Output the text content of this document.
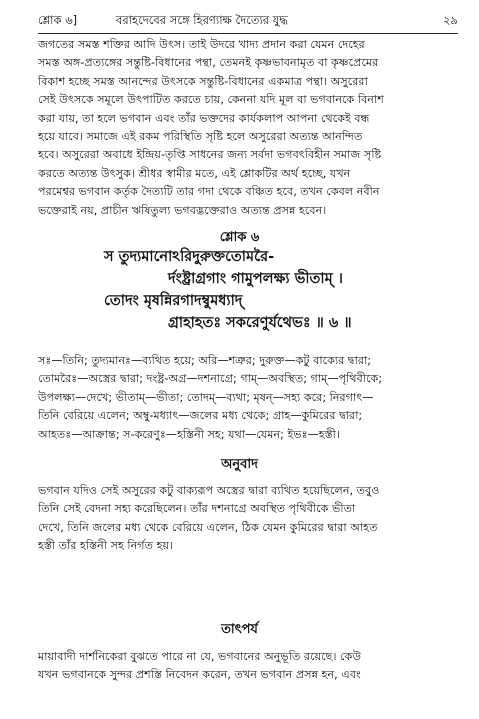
শ্লোক ৬]	বরাহদেবের সঙ্গে হিরণ্যাক্ষ দৈত্যের যুদ্ধ	২৯
জগতের সমস্ত শক্তির আদি উৎস। তাই উদরে খাদ্য প্রদান করা যেমন দেহের
সমস্ত অঙ্গ-প্রত্যঙ্গের সন্তুষ্টি-বিধানের পন্থা, তেমনই কৃষ্ণভাবনামৃত বা কৃষ্ণপ্রেমের
বিকাশ হচ্ছে সমস্ত আনন্দের উৎসকে সন্তুষ্টি-বিধানের একমাত্র পন্থা। অসুরেরা
সেই উৎসকে সমূলে উৎপাটিত করতে চায়, কেননা যদি মূল বা ভগবানকে বিনাশ
করা যায়, তা হলে ভগবান এবং তাঁর ভক্তদের কার্যকলাপ আপনা থেকেই বন্ধ
হয়ে যাবে। সমাজে এই রকম পরিস্থিতি সৃষ্টি হলে অসুরেরা অত্যন্ত আনন্দিত
হবে। অসুরেরা অবাধে ইন্দ্রিয়-তৃপ্তি সাধনের জন্য সর্বদা ভগবৎবিহীন সমাজ সৃষ্টি
করতে অত্যন্ত উৎসুক। শ্রীধর স্বামীর মতে, এই শ্লোকটির অর্থ হচ্ছে, যখন
পরমেশ্বর ভগবান কর্তৃক দৈত্যটি তার গদা থেকে বঞ্চিত হবে, তখন কেবল নবীন
ভক্তেরাই নয়, প্রাচীন ঋষিতুল্য ভগবদ্ভক্তেরাও অত্যন্ত প্রসন্ন হবেন।
শ্লোক ৬
স তুদ্যমানোঽরিদুরুক্ততোমরৈ-
র্দংষ্ট্রাগ্রগাং গামুপলক্ষ্য ভীতাম্ ।
তোদং মৃষন্নিরগাদম্বুমধ্যাদ্
গ্রাহাহতঃ সকরেণুর্যথেভঃ ॥ ৬ ॥
সঃ—তিনি; তুদ্যমানঃ—ব্যথিত হয়ে; অরি—শত্রুর; দুরুক্ত—কটু বাক্যের দ্বারা;
তোমরৈঃ—অস্ত্রের দ্বারা; দংষ্ট্র-অগ্র—দশনাগ্রে; গাম্—অবস্থিত; গাম্—পৃথিবীকে;
উপলক্ষ্য—দেখে; ভীতাম্—ভীতা; তোদম্—ব্যথা; মৃষন্—সহ্য করে; নিরগাৎ—
তিনি বেরিয়ে এলেন; অম্বু-মধ্যাৎ—জলের মধ্য থেকে; গ্রাহ—কুমিরের দ্বারা;
আহতঃ—আক্রান্ত; স-করেণুঃ—হস্তিনী সহ; যথা—যেমন; ইভঃ—হস্তী।
অনুবাদ
ভগবান যদিও সেই অসুরের কটু বাক্যরূপ অস্ত্রের দ্বারা ব্যথিত হয়েছিলেন, তবুও
তিনি সেই বেদনা সহ্য করেছিলেন। তাঁর দশনাগ্রে অবস্থিত পৃথিবীকে ভীতা
দেখে, তিনি জলের মধ্য থেকে বেরিয়ে এলেন, ঠিক যেমন কুমিরের দ্বারা আহত
হস্তী তাঁর হস্তিনী সহ নির্গত হয়।
তাৎপর্য
মায়াবাদী দার্শনিকেরা বুঝতে পারে না যে, ভগবানের অনুভূতি রয়েছে। কেউ
যখন ভগবানকে সুন্দর প্রশস্তি নিবেদন করেন, তখন ভগবান প্রসন্ন হন, এবং
